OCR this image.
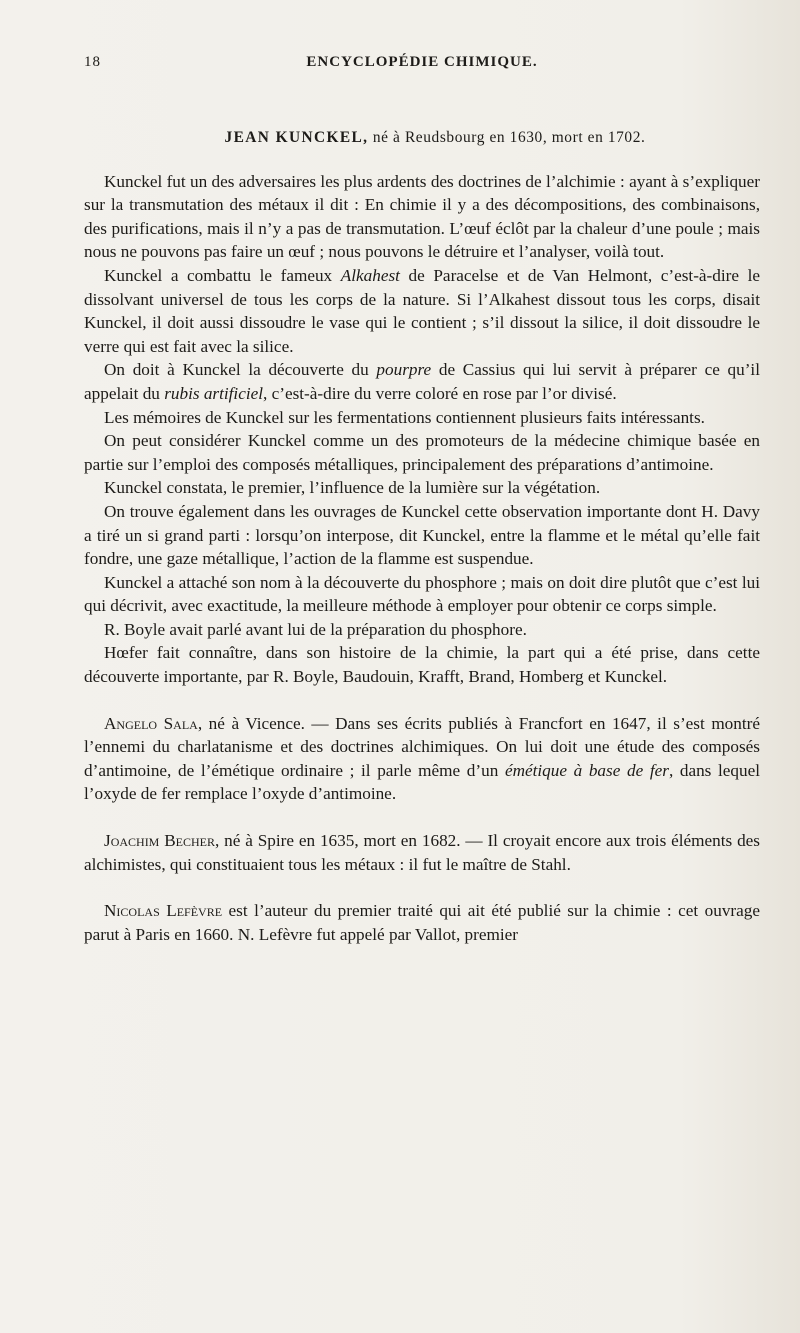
18	ENCYCLOPÉDIE CHIMIQUE.
JEAN KUNCKEL, né à Reudsbourg en 1630, mort en 1702.

Kunckel fut un des adversaires les plus ardents des doctrines de l’alchimie : ayant à s’expliquer sur la transmutation des métaux il dit : En chimie il y a des décompositions, des combinaisons, des purifications, mais il n’y a pas de transmutation. L’œuf éclôt par la chaleur d’une poule ; mais nous ne pouvons pas faire un œuf ; nous pouvons le détruire et l’analyser, voilà tout.

Kunckel a combattu le fameux Alkahest de Paracelse et de Van Helmont, c’est-à-dire le dissolvant universel de tous les corps de la nature. Si l’Alkahest dissout tous les corps, disait Kunckel, il doit aussi dissoudre le vase qui le contient ; s’il dissout la silice, il doit dissoudre le verre qui est fait avec la silice.

On doit à Kunckel la découverte du pourpre de Cassius qui lui servit à préparer ce qu’il appelait du rubis artificiel, c’est-à-dire du verre coloré en rose par l’or divisé.

Les mémoires de Kunckel sur les fermentations contiennent plusieurs faits intéressants.

On peut considérer Kunckel comme un des promoteurs de la médecine chimique basée en partie sur l’emploi des composés métalliques, principalement des préparations d’antimoine.

Kunckel constata, le premier, l’influence de la lumière sur la végétation.

On trouve également dans les ouvrages de Kunckel cette observation importante dont H. Davy a tiré un si grand parti : lorsqu’on interpose, dit Kunckel, entre la flamme et le métal qu’elle fait fondre, une gaze métallique, l’action de la flamme est suspendue.

Kunckel a attaché son nom à la découverte du phosphore ; mais on doit dire plutôt que c’est lui qui décrivit, avec exactitude, la meilleure méthode à employer pour obtenir ce corps simple.

R. Boyle avait parlé avant lui de la préparation du phosphore.

Hœfer fait connaître, dans son histoire de la chimie, la part qui a été prise, dans cette découverte importante, par R. Boyle, Baudouin, Krafft, Brand, Homberg et Kunckel.

Angelo Sala, né à Vicence. — Dans ses écrits publiés à Francfort en 1647, il s’est montré l’ennemi du charlatanisme et des doctrines alchimiques. On lui doit une étude des composés d’antimoine, de l’émétique ordinaire ; il parle même d’un émétique à base de fer, dans lequel l’oxyde de fer remplace l’oxyde d’antimoine.

Joachim Becher, né à Spire en 1635, mort en 1682. — Il croyait encore aux trois éléments des alchimistes, qui constituaient tous les métaux : il fut le maître de Stahl.

Nicolas Lefèvre est l’auteur du premier traité qui ait été publié sur la chimie : cet ouvrage parut à Paris en 1660. N. Lefèvre fut appelé par Vallot, premier
